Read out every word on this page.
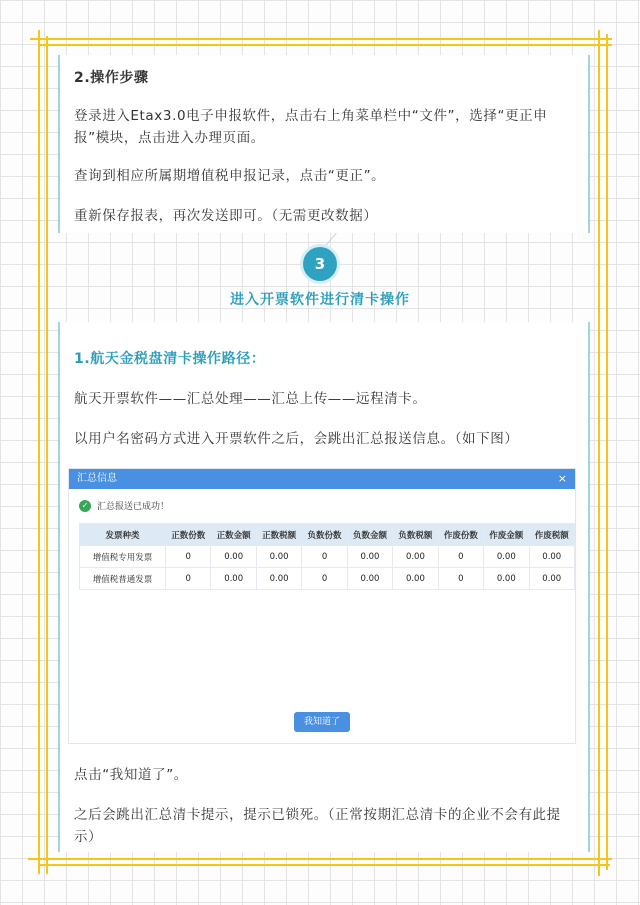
2.操作步骤
登录进入Etax3.0电子申报软件，点击右上角菜单栏中“文件”，选择“更正申
报”模块，点击进入办理页面。
查询到相应所属期增值税申报记录，点击“更正”。
重新保存报表，再次发送即可。（无需更改数据）
3
进入开票软件进行清卡操作
1.航天金税盘清卡操作路径：
航天开票软件——汇总处理——汇总上传——远程清卡。
以用户名密码方式进入开票软件之后，会跳出汇总报送信息。（如下图）
点击“我知道了”。
之后会跳出汇总清卡提示，提示已锁死。（正常按期汇总清卡的企业不会有此提
示）
汇总信息	×
✓ 汇总报送已成功！
发票种类	正数份数	正数金额	正数税额	负数份数	负数金额	负数税额	作废份数	作废金额	作废税额
增值税专用发票	0	0.00	0.00	0	0.00	0.00	0	0.00	0.00
增值税普通发票	0	0.00	0.00	0	0.00	0.00	0	0.00	0.00
我知道了
